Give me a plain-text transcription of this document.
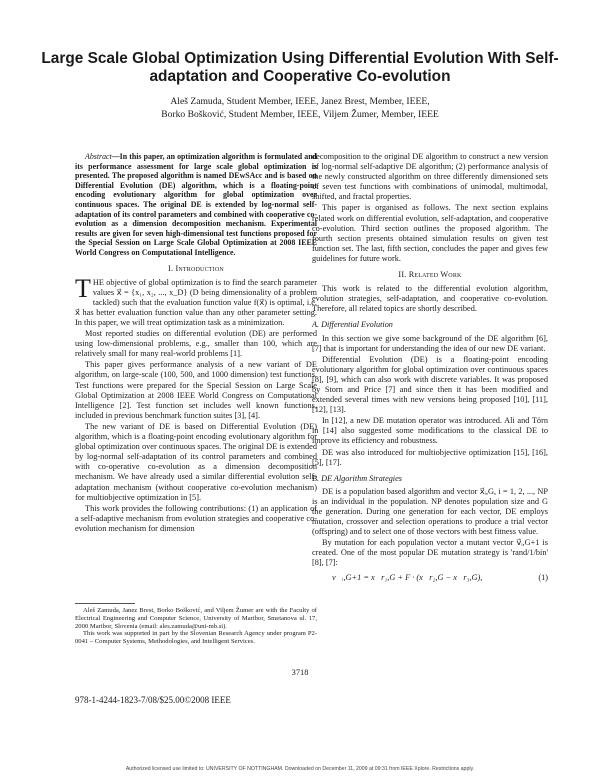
Large Scale Global Optimization Using Differential Evolution With Self-adaptation and Cooperative Co-evolution
Aleš Zamuda, Student Member, IEEE, Janez Brest, Member, IEEE,
Borko Bošković, Student Member, IEEE, Viljem Žumer, Member, IEEE

Abstract—In this paper, an optimization algorithm is formulated and its performance assessment for large scale global optimization is presented. The proposed algorithm is named DEwSAcc and is based on Differential Evolution (DE) algorithm, which is a floating-point encoding evolutionary algorithm for global optimization over continuous spaces. The original DE is extended by log-normal self-adaptation of its control parameters and combined with cooperative co-evolution as a dimension decomposition mechanism. Experimental results are given for seven high-dimensional test functions proposed for the Special Session on Large Scale Global Optimization at 2008 IEEE World Congress on Computational Intelligence.

I. Introduction

THE objective of global optimization is to find the search parameter values x⃗ = {x₁, x₂, ..., x_D} (D being dimensionality of a problem tackled) such that the evaluation function value f(x⃗) is optimal, i.e. x⃗ has better evaluation function value than any other parameter setting. In this paper, we will treat optimization task as a minimization.

Most reported studies on differential evolution (DE) are performed using low-dimensional problems, e.g., smaller than 100, which are relatively small for many real-world problems [1].

This paper gives performance analysis of a new variant of DE algorithm, on large-scale (100, 500, and 1000 dimension) test functions. Test functions were prepared for the Special Session on Large Scale Global Optimization at 2008 IEEE World Congress on Computational Intelligence [2]. Test function set includes well known functions, included in previous benchmark function suites [3], [4].

The new variant of DE is based on Differential Evolution (DE) algorithm, which is a floating-point encoding evolutionary algorithm for global optimization over continuous spaces. The original DE is extended by log-normal self-adaptation of its control parameters and combined with co-operative co-evolution as a dimension decomposition mechanism. We have already used a similar differential evolution self-adaptation mechanism (without cooperative co-evolution mechanism) for multiobjective optimization in [5].

This work provides the following contributions: (1) an application of a self-adaptive mechanism from evolution strategies and cooperative co-evolution mechanism for dimension

Aleš Zamuda, Janez Brest, Borko Bošković, and Viljem Žumer are with the Faculty of Electrical Engineering and Computer Science, University of Maribor, Smetanova ul. 17, 2000 Maribor, Slovenia (email: ales.zamuda@uni-mb.si).

This work was supported in part by the Slovenian Research Agency under program P2-0041 – Computer Systems, Methodologies, and Intelligent Services.

decomposition to the original DE algorithm to construct a new version of log-normal self-adaptive DE algorithm; (2) performance analysis of the newly constructed algorithm on three differently dimensioned sets of seven test functions with combinations of unimodal, multimodal, shifted, and fractal properties.

This paper is organised as follows. The next section explains related work on differential evolution, self-adaptation, and cooperative co-evolution. Third section outlines the proposed algorithm. The fourth section presents obtained simulation results on given test function set. The last, fifth section, concludes the paper and gives few guidelines for future work.

II. Related Work

This work is related to the differential evolution algorithm, evolution strategies, self-adaptation, and cooperative co-evolution. Therefore, all related topics are shortly described.

A. Differential Evolution

In this section we give some background of the DE algorithm [6], [7] that is important for understanding the idea of our new DE variant.

Differential Evolution (DE) is a floating-point encoding evolutionary algorithm for global optimization over continuous spaces [8], [9], which can also work with discrete variables. It was proposed by Storn and Price [7] and since then it has been modified and extended several times with new versions being proposed [10], [11], [12], [13].

In [12], a new DE mutation operator was introduced. Ali and Törn in [14] also suggested some modifications to the classical DE to improve its efficiency and robustness.

DE was also introduced for multiobjective optimization [15], [16], [5], [17].

B. DE Algorithm Strategies

DE is a population based algorithm and vector x⃗ᵢ,G, i = 1, 2, ..., NP is an individual in the population. NP denotes population size and G the generation. During one generation for each vector, DE employs mutation, crossover and selection operations to produce a trial vector (offspring) and to select one of those vectors with best fitness value.

By mutation for each population vector a mutant vector v⃗ᵢ,G+1 is created. One of the most popular DE mutation strategy is 'rand/1/bin' [8], [7]:

v⃗ᵢ,G+1 = x⃗r₁,G + F · (x⃗r₂,G − x⃗r₃,G),	(1)
3718
978-1-4244-1823-7/08/$25.00©2008 IEEE
Authorized licensed use limited to: UNIVERSITY OF NOTTINGHAM. Downloaded on December 11, 2009 at 09:31 from IEEE Xplore. Restrictions apply.
